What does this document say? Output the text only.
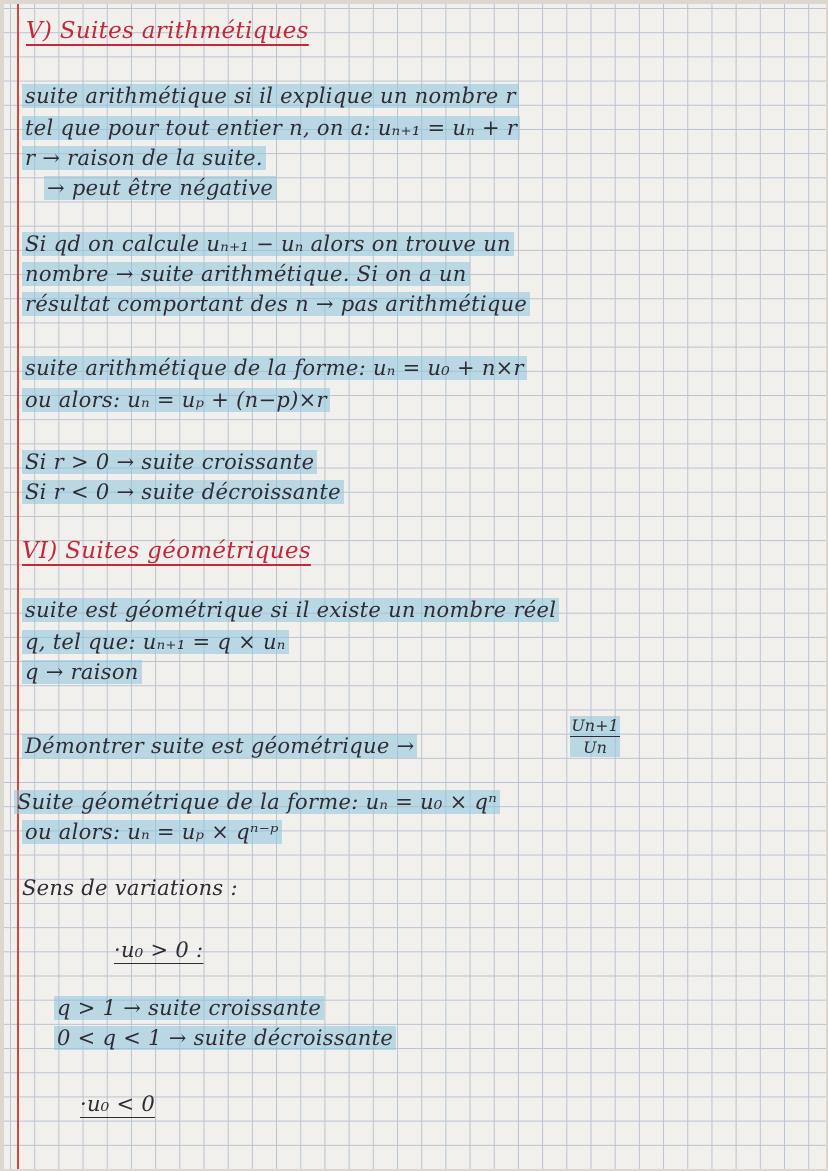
V) Suites arithmétiques
suite arithmétique si il explique un nombre r
tel que pour tout entier n, on a: uₙ₊₁ = uₙ + r
r → raison de la suite.
→ peut être négative
Si qd on calcule uₙ₊₁ − uₙ alors on trouve un
nombre → suite arithmétique. Si on a un
résultat comportant des n → pas arithmétique
suite arithmétique de la forme: uₙ = u₀ + n×r
ou alors: uₙ = uₚ + (n−p)×r
Si r > 0 → suite croissante
Si r < 0 → suite décroissante
VI) Suites géométriques
suite est géométrique si il existe un nombre réel
q, tel que: uₙ₊₁ = q × uₙ
q → raison
Démontrer suite est géométrique →	$\frac{Un+1}{Un}$
Suite géométrique de la forme: uₙ = u₀ × qⁿ
ou alors: uₙ = uₚ × qⁿ⁻ᵖ
Sens de variations :
·u₀ > 0 :
q > 1 → suite croissante
0 < q < 1 → suite décroissante
·u₀ < 0
